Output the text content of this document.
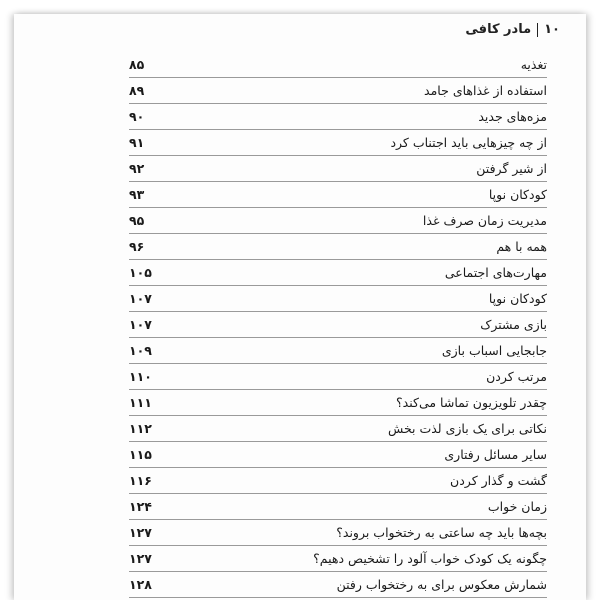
۱۰
مادر کافی
تغذیه
۸۵
استفاده از غذاهای جامد
۸۹
مزه‌های جدید
۹۰
از چه چیزهایی باید اجتناب کرد
۹۱
از شیر گرفتن
۹۲
کودکان نوپا
۹۳
مدیریت زمان صرف غذا
۹۵
همه با هم
۹۶
مهارت‌های اجتماعی
۱۰۵
کودکان نوپا
۱۰۷
بازی مشترک
۱۰۷
جابجایی اسباب بازی
۱۰۹
مرتب کردن
۱۱۰
چقدر تلویزیون تماشا می‌کند؟
۱۱۱
نکاتی برای یک بازی لذت بخش
۱۱۲
سایر مسائل رفتاری
۱۱۵
گشت و گذار کردن
۱۱۶
زمان خواب
۱۲۴
بچه‌ها باید چه ساعتی به رختخواب بروند؟
۱۲۷
چگونه یک کودک خواب آلود را تشخیص دهیم؟
۱۲۷
شمارش معکوس برای به رختخواب رفتن
۱۲۸
